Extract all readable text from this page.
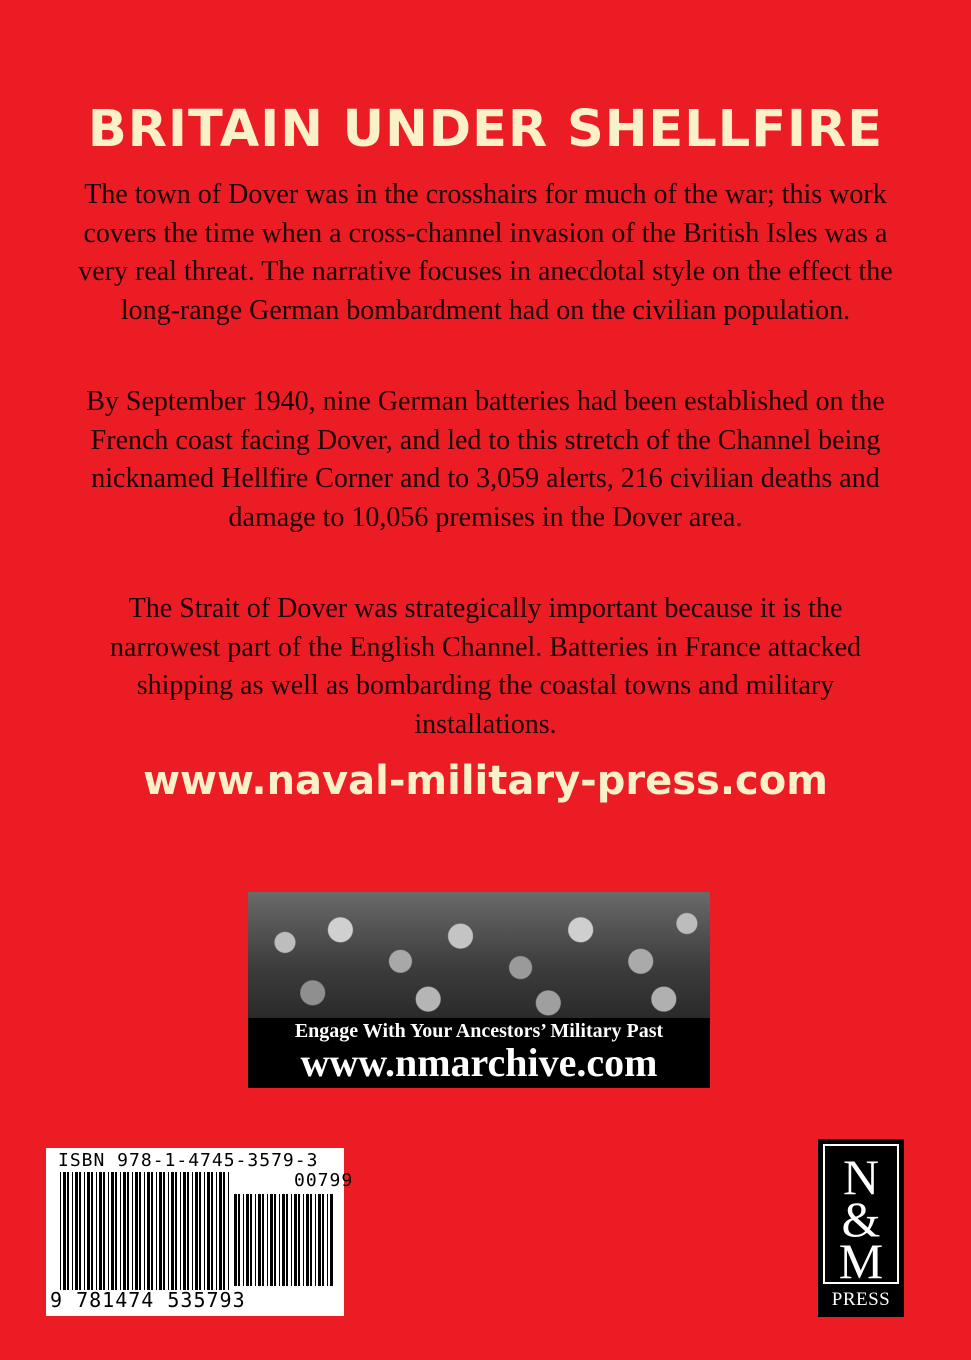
BRITAIN UNDER SHELLFIRE

The town of Dover was in the crosshairs for much of the war; this work covers the time when a cross-channel invasion of the British Isles was a very real threat. The narrative focuses in anecdotal style on the effect the long-range German bombardment had on the civilian population.

By September 1940, nine German batteries had been established on the French coast facing Dover, and led to this stretch of the Channel being nicknamed Hellfire Corner and to 3,059 alerts, 216 civilian deaths and damage to 10,056 premises in the Dover area.

The Strait of Dover was strategically important because it is the narrowest part of the English Channel. Batteries in France attacked shipping as well as bombarding the coastal towns and military installations.

www.naval-military-press.com
Engage With Your Ancestors’ Military Past
www.nmarchive.com
ISBN 978-1-4745-3579-3
00799
9 781474 535793
N
&
M
PRESS
